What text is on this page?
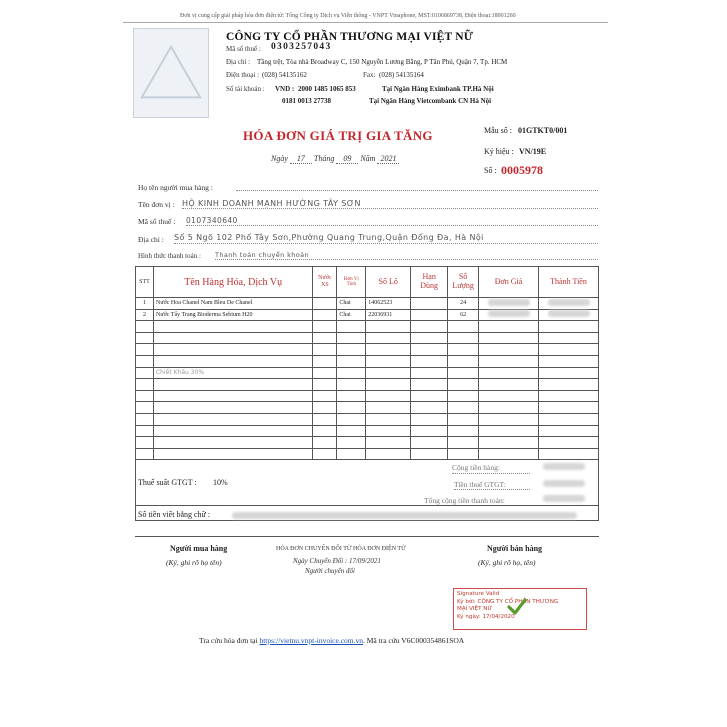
Đơn vị cung cấp giải pháp hóa đơn điện tử: Tổng Công ty Dịch vụ Viễn thông - VNPT Vinaphone, MST:0106869738, Điện thoại:18001260
CÔNG TY CỔ PHẦN THƯƠNG MẠI VIỆT NỮ
Mã số thuế : 0303257043
Địa chỉ : Tầng trệt, Tòa nhà Broadway C, 150 Nguyễn Lương Bằng, P Tân Phú, Quận 7, Tp. HCM
Điện thoại : (028) 54135162	Fax: (028) 54135164
Số tài khoản : VND : 2000 1485 1065 853	Tại Ngân Hàng Eximbank TP.Hà Nội
0181 0013 27738	Tại Ngân Hàng Vietcombank CN Hà Nội
HÓA ĐƠN GIÁ TRỊ GIA TĂNG
Ngày 17 Tháng 09 Năm 2021
Mẫu số : 01GTKT0/001
Ký hiệu : VN/19E
Số : 0005978
Họ tên người mua hàng :
Tên đơn vị : HỘ KINH DOANH MẠNH HƯỜNG TÂY SƠN
Mã số thuế : 0107340640
Địa chỉ : Số 5 Ngõ 102 Phố Tây Sơn,Phường Quang Trung,Quận Đống Đa, Hà Nội
Hình thức thanh toán : Thanh toán chuyển khoản
STT	Tên Hàng Hóa, Dịch Vụ	Nước XS	Đơn Vị Tính	Số Lô	Hạn Dùng	Số Lượng	Đơn Giá	Thành Tiền
1	Nước Hoa Chanel Nam Bleu De Chanel		Chai	14062523		24		
2	Nước Tẩy Trang Bioderma Sebium H20		Chai	22036931		62		

	Chiết Khấu 30%							

Cộng tiền hàng:
Thuế suất GTGT : 10%	Tiền thuế GTGT:
Tổng cộng tiền thanh toán:
Số tiền viết bằng chữ :
Người mua hàng
(Ký, ghi rõ họ tên)
HÓA ĐƠN CHUYỂN ĐỔI TỪ HÓA ĐƠN ĐIỆN TỬ
Ngày Chuyển Đổi : 17/09/2021
Người chuyển đổi
Người bán hàng
(Ký, ghi rõ họ, tên)
Signature Valid
Ký bởi: CÔNG TY CỔ PHẦN THƯƠNG
MẠI VIỆT NỮ
Ký ngày: 17/04/2020
Tra cứu hóa đơn tại https://vietnu.vnpt-invoice.com.vn. Mã tra cứu V6C000354861SOA
